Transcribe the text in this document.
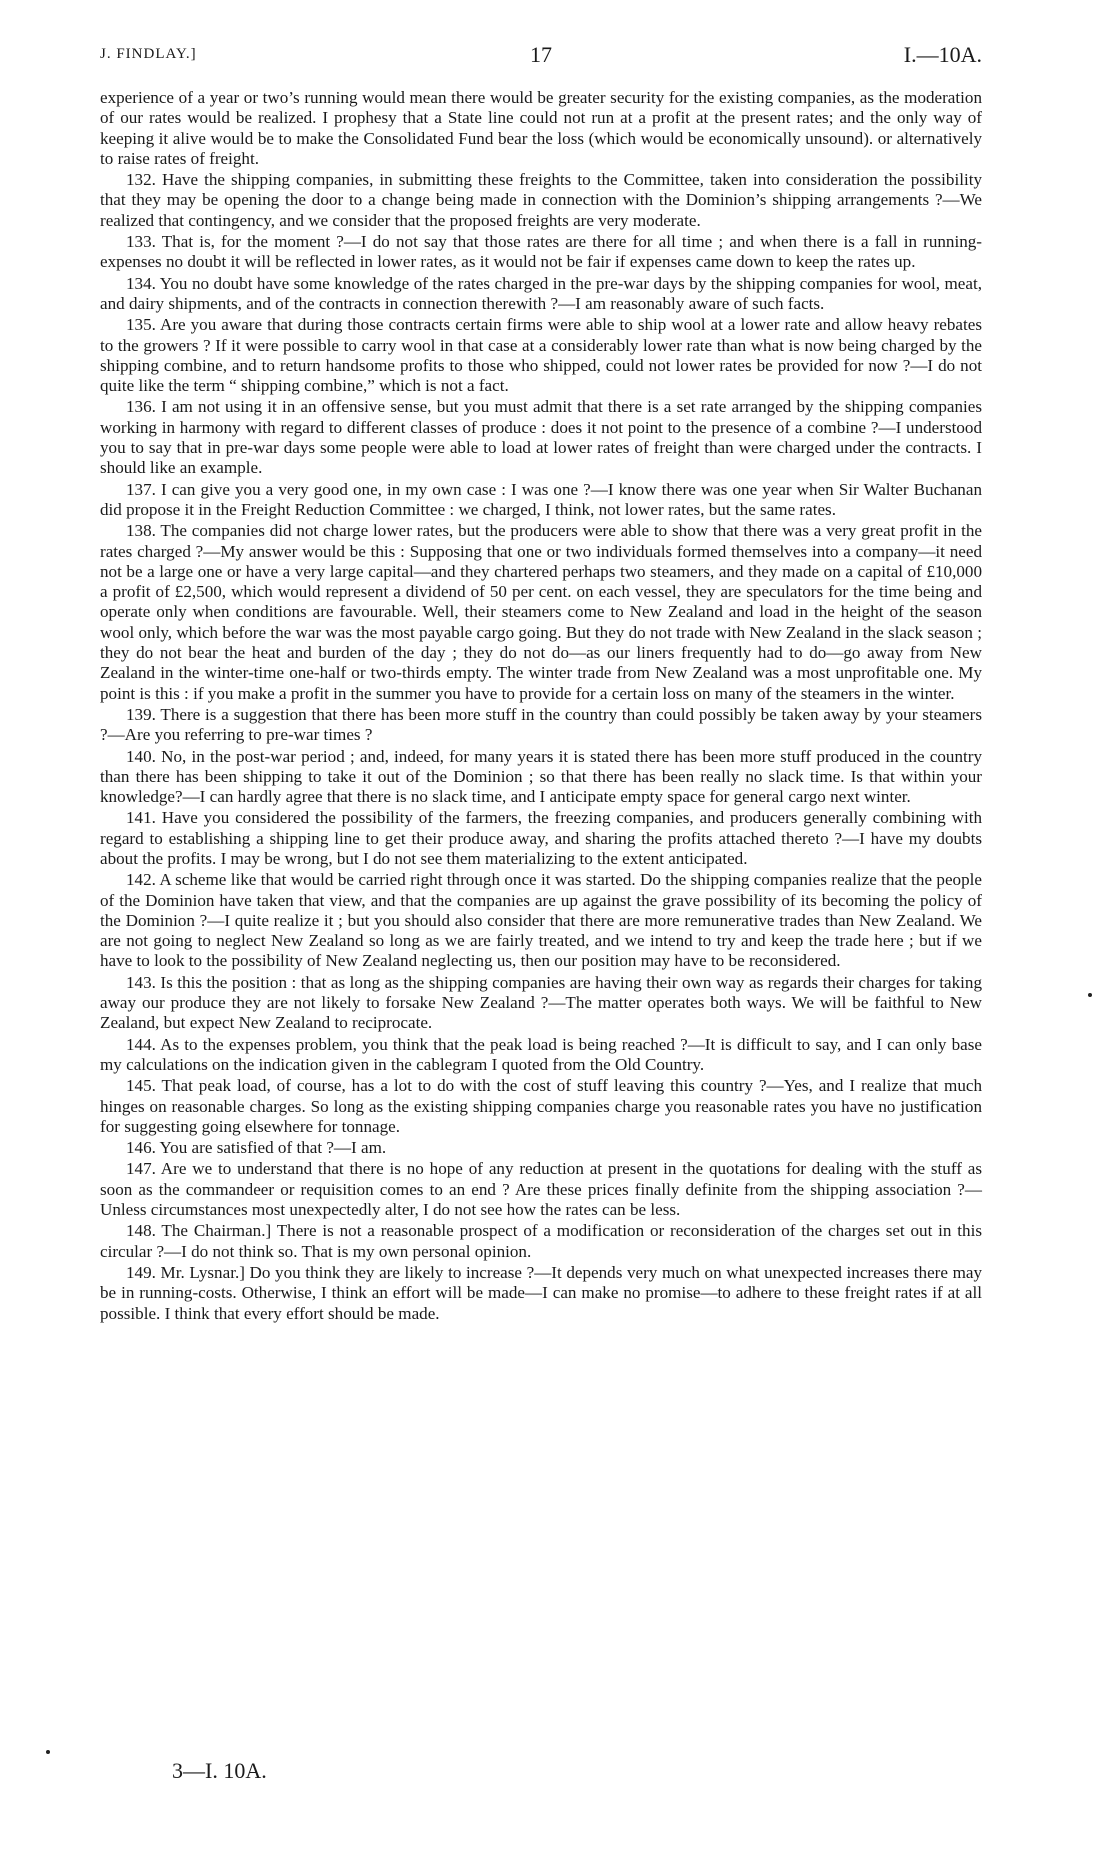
J. FINDLAY.]	17	I.—10A.

experience of a year or two’s running would mean there would be greater security for the existing companies, as the moderation of our rates would be realized. I prophesy that a State line could not run at a profit at the present rates; and the only way of keeping it alive would be to make the Consolidated Fund bear the loss (which would be economically unsound). or alternatively to raise rates of freight.

132. Have the shipping companies, in submitting these freights to the Committee, taken into consideration the possibility that they may be opening the door to a change being made in connection with the Dominion’s shipping arrangements ?—We realized that contingency, and we consider that the proposed freights are very moderate.

133. That is, for the moment ?—I do not say that those rates are there for all time ; and when there is a fall in running-expenses no doubt it will be reflected in lower rates, as it would not be fair if expenses came down to keep the rates up.

134. You no doubt have some knowledge of the rates charged in the pre-war days by the shipping companies for wool, meat, and dairy shipments, and of the contracts in connection therewith ?—I am reasonably aware of such facts.

135. Are you aware that during those contracts certain firms were able to ship wool at a lower rate and allow heavy rebates to the growers ? If it were possible to carry wool in that case at a considerably lower rate than what is now being charged by the shipping combine, and to return handsome profits to those who shipped, could not lower rates be provided for now ?—I do not quite like the term “ shipping combine,” which is not a fact.

136. I am not using it in an offensive sense, but you must admit that there is a set rate arranged by the shipping companies working in harmony with regard to different classes of produce : does it not point to the presence of a combine ?—I understood you to say that in pre-war days some people were able to load at lower rates of freight than were charged under the contracts. I should like an example.

137. I can give you a very good one, in my own case : I was one ?—I know there was one year when Sir Walter Buchanan did propose it in the Freight Reduction Committee : we charged, I think, not lower rates, but the same rates.

138. The companies did not charge lower rates, but the producers were able to show that there was a very great profit in the rates charged ?—My answer would be this : Supposing that one or two individuals formed themselves into a company—it need not be a large one or have a very large capital—and they chartered perhaps two steamers, and they made on a capital of £10,000 a profit of £2,500, which would represent a dividend of 50 per cent. on each vessel, they are speculators for the time being and operate only when conditions are favourable. Well, their steamers come to New Zealand and load in the height of the season wool only, which before the war was the most payable cargo going. But they do not trade with New Zealand in the slack season ; they do not bear the heat and burden of the day ; they do not do—as our liners frequently had to do—go away from New Zealand in the winter-time one-half or two-thirds empty. The winter trade from New Zealand was a most unprofitable one. My point is this : if you make a profit in the summer you have to provide for a certain loss on many of the steamers in the winter.

139. There is a suggestion that there has been more stuff in the country than could possibly be taken away by your steamers ?—Are you referring to pre-war times ?

140. No, in the post-war period ; and, indeed, for many years it is stated there has been more stuff produced in the country than there has been shipping to take it out of the Dominion ; so that there has been really no slack time. Is that within your knowledge?—I can hardly agree that there is no slack time, and I anticipate empty space for general cargo next winter.

141. Have you considered the possibility of the farmers, the freezing companies, and producers generally combining with regard to establishing a shipping line to get their produce away, and sharing the profits attached thereto ?—I have my doubts about the profits. I may be wrong, but I do not see them materializing to the extent anticipated.

142. A scheme like that would be carried right through once it was started. Do the shipping companies realize that the people of the Dominion have taken that view, and that the companies are up against the grave possibility of its becoming the policy of the Dominion ?—I quite realize it ; but you should also consider that there are more remunerative trades than New Zealand. We are not going to neglect New Zealand so long as we are fairly treated, and we intend to try and keep the trade here ; but if we have to look to the possibility of New Zealand neglecting us, then our position may have to be reconsidered.

143. Is this the position : that as long as the shipping companies are having their own way as regards their charges for taking away our produce they are not likely to forsake New Zealand ?—The matter operates both ways. We will be faithful to New Zealand, but expect New Zealand to reciprocate.

144. As to the expenses problem, you think that the peak load is being reached ?—It is difficult to say, and I can only base my calculations on the indication given in the cablegram I quoted from the Old Country.

145. That peak load, of course, has a lot to do with the cost of stuff leaving this country ?—Yes, and I realize that much hinges on reasonable charges. So long as the existing shipping companies charge you reasonable rates you have no justification for suggesting going elsewhere for tonnage.

146. You are satisfied of that ?—I am.

147. Are we to understand that there is no hope of any reduction at present in the quotations for dealing with the stuff as soon as the commandeer or requisition comes to an end ? Are these prices finally definite from the shipping association ?—Unless circumstances most unexpectedly alter, I do not see how the rates can be less.

148. The Chairman.] There is not a reasonable prospect of a modification or reconsideration of the charges set out in this circular ?—I do not think so. That is my own personal opinion.

149. Mr. Lysnar.] Do you think they are likely to increase ?—It depends very much on what unexpected increases there may be in running-costs. Otherwise, I think an effort will be made—I can make no promise—to adhere to these freight rates if at all possible. I think that every effort should be made.

3—I. 10A.
